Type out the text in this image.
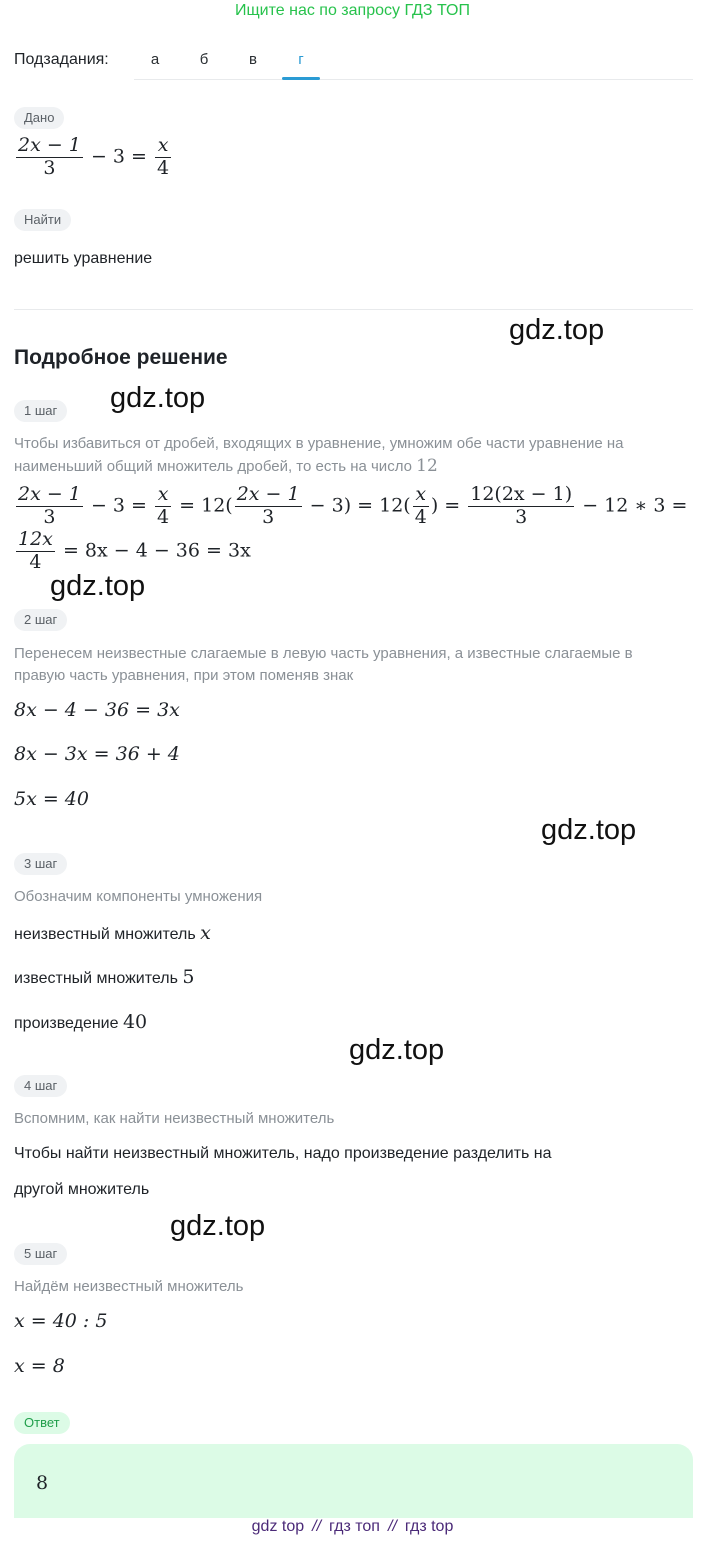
Ищите нас по запросу ГДЗ ТОП
Подзадания:	а	б	в	г
Дано
$\frac{2x - 1}{3} - 3 = \frac{x}{4}$
Найти
решить уравнение
Подробное решение
1 шаг
Чтобы избавиться от дробей, входящих в уравнение, умножим обе части уравнение на
наименьший общий множитель дробей, то есть на число 12
$\frac{2x - 1}{3} - 3 = \frac{x}{4} = 12( \frac{2x - 1}{3} - 3) = 12( \frac{x}{4}$ ) = $\frac{12(2x - 1)}{3} - 12$ ∗ 3 =
$\frac{12x}{4} = 8x - 4 - 36 = 3x$
2 шаг
Перенесем неизвестные слагаемые в левую часть уравнения, а известные слагаемые в
правую часть уравнения, при этом поменяв знак
8x − 4 − 36 = 3x
8x − 3x = 36 + 4
5x = 40
3 шаг
Обозначим компоненты умножения
неизвестный множитель x
известный множитель 5
произведение 40
4 шаг
Вспомним, как найти неизвестный множитель
Чтобы найти неизвестный множитель, надо произведение разделить на
другой множитель
5 шаг
Найдём неизвестный множитель
x = 40 : 5
x = 8
Ответ
8
gdz.top
gdz.top
gdz.top
gdz.top
gdz.top
gdz.top
gdz top // гдз топ // гдз top
